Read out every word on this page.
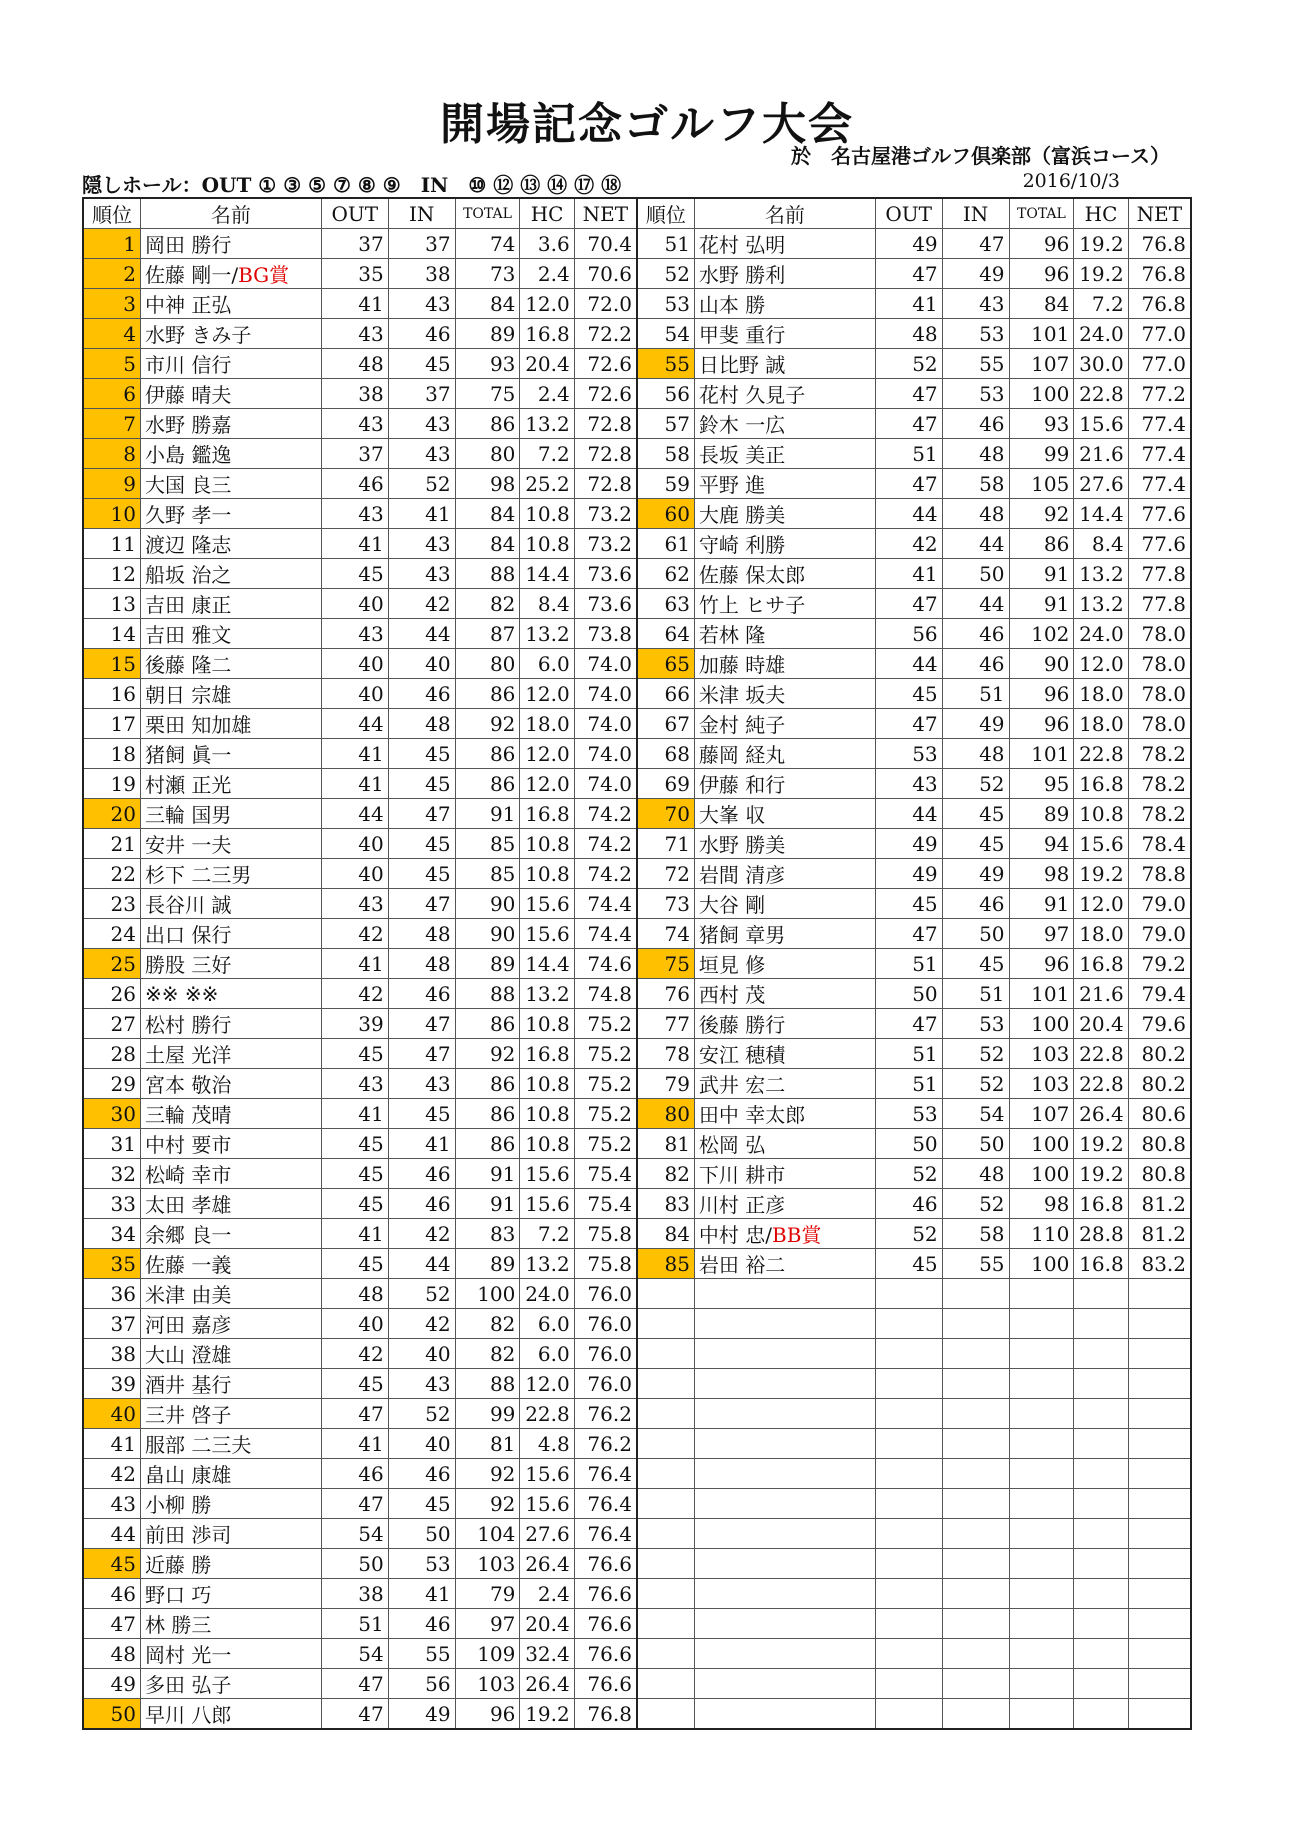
開場記念ゴルフ大会
於　名古屋港ゴルフ倶楽部（富浜コース）
隠しホール：OUT ① ③ ⑤ ⑦ ⑧ ⑨　IN　⑩ ⑫ ⑬ ⑭ ⑰ ⑱	2016/10/3
順位	名前	OUT	IN	TOTAL	HC	NET	順位	名前	OUT	IN	TOTAL	HC	NET
1	岡田 勝行	37	37	74	3.6	70.4	51	花村 弘明	49	47	96	19.2	76.8
2	佐藤 剛一/BG賞	35	38	73	2.4	70.6	52	水野 勝利	47	49	96	19.2	76.8
3	中神 正弘	41	43	84	12.0	72.0	53	山本 勝	41	43	84	7.2	76.8
4	水野 きみ子	43	46	89	16.8	72.2	54	甲斐 重行	48	53	101	24.0	77.0
5	市川 信行	48	45	93	20.4	72.6	55	日比野 誠	52	55	107	30.0	77.0
6	伊藤 晴夫	38	37	75	2.4	72.6	56	花村 久見子	47	53	100	22.8	77.2
7	水野 勝嘉	43	43	86	13.2	72.8	57	鈴木 一広	47	46	93	15.6	77.4
8	小島 鑑逸	37	43	80	7.2	72.8	58	長坂 美正	51	48	99	21.6	77.4
9	大国 良三	46	52	98	25.2	72.8	59	平野 進	47	58	105	27.6	77.4
10	久野 孝一	43	41	84	10.8	73.2	60	大鹿 勝美	44	48	92	14.4	77.6
11	渡辺 隆志	41	43	84	10.8	73.2	61	守崎 利勝	42	44	86	8.4	77.6
12	船坂 治之	45	43	88	14.4	73.6	62	佐藤 保太郎	41	50	91	13.2	77.8
13	吉田 康正	40	42	82	8.4	73.6	63	竹上 ヒサ子	47	44	91	13.2	77.8
14	吉田 雅文	43	44	87	13.2	73.8	64	若林 隆	56	46	102	24.0	78.0
15	後藤 隆二	40	40	80	6.0	74.0	65	加藤 時雄	44	46	90	12.0	78.0
16	朝日 宗雄	40	46	86	12.0	74.0	66	米津 坂夫	45	51	96	18.0	78.0
17	栗田 知加雄	44	48	92	18.0	74.0	67	金村 純子	47	49	96	18.0	78.0
18	猪飼 眞一	41	45	86	12.0	74.0	68	藤岡 経丸	53	48	101	22.8	78.2
19	村瀬 正光	41	45	86	12.0	74.0	69	伊藤 和行	43	52	95	16.8	78.2
20	三輪 国男	44	47	91	16.8	74.2	70	大峯 収	44	45	89	10.8	78.2
21	安井 一夫	40	45	85	10.8	74.2	71	水野 勝美	49	45	94	15.6	78.4
22	杉下 二三男	40	45	85	10.8	74.2	72	岩間 清彦	49	49	98	19.2	78.8
23	長谷川 誠	43	47	90	15.6	74.4	73	大谷 剛	45	46	91	12.0	79.0
24	出口 保行	42	48	90	15.6	74.4	74	猪飼 章男	47	50	97	18.0	79.0
25	勝股 三好	41	48	89	14.4	74.6	75	垣見 修	51	45	96	16.8	79.2
26	※※ ※※	42	46	88	13.2	74.8	76	西村 茂	50	51	101	21.6	79.4
27	松村 勝行	39	47	86	10.8	75.2	77	後藤 勝行	47	53	100	20.4	79.6
28	土屋 光洋	45	47	92	16.8	75.2	78	安江 穂積	51	52	103	22.8	80.2
29	宮本 敬治	43	43	86	10.8	75.2	79	武井 宏二	51	52	103	22.8	80.2
30	三輪 茂晴	41	45	86	10.8	75.2	80	田中 幸太郎	53	54	107	26.4	80.6
31	中村 要市	45	41	86	10.8	75.2	81	松岡 弘	50	50	100	19.2	80.8
32	松崎 幸市	45	46	91	15.6	75.4	82	下川 耕市	52	48	100	19.2	80.8
33	太田 孝雄	45	46	91	15.6	75.4	83	川村 正彦	46	52	98	16.8	81.2
34	余郷 良一	41	42	83	7.2	75.8	84	中村 忠/BB賞	52	58	110	28.8	81.2
35	佐藤 一義	45	44	89	13.2	75.8	85	岩田 裕二	45	55	100	16.8	83.2
36	米津 由美	48	52	100	24.0	76.0							
37	河田 嘉彦	40	42	82	6.0	76.0							
38	大山 澄雄	42	40	82	6.0	76.0							
39	酒井 基行	45	43	88	12.0	76.0							
40	三井 啓子	47	52	99	22.8	76.2							
41	服部 二三夫	41	40	81	4.8	76.2							
42	畠山 康雄	46	46	92	15.6	76.4							
43	小柳 勝	47	45	92	15.6	76.4							
44	前田 渉司	54	50	104	27.6	76.4							
45	近藤 勝	50	53	103	26.4	76.6							
46	野口 巧	38	41	79	2.4	76.6							
47	林 勝三	51	46	97	20.4	76.6							
48	岡村 光一	54	55	109	32.4	76.6							
49	多田 弘子	47	56	103	26.4	76.6							
50	早川 八郎	47	49	96	19.2	76.8							
